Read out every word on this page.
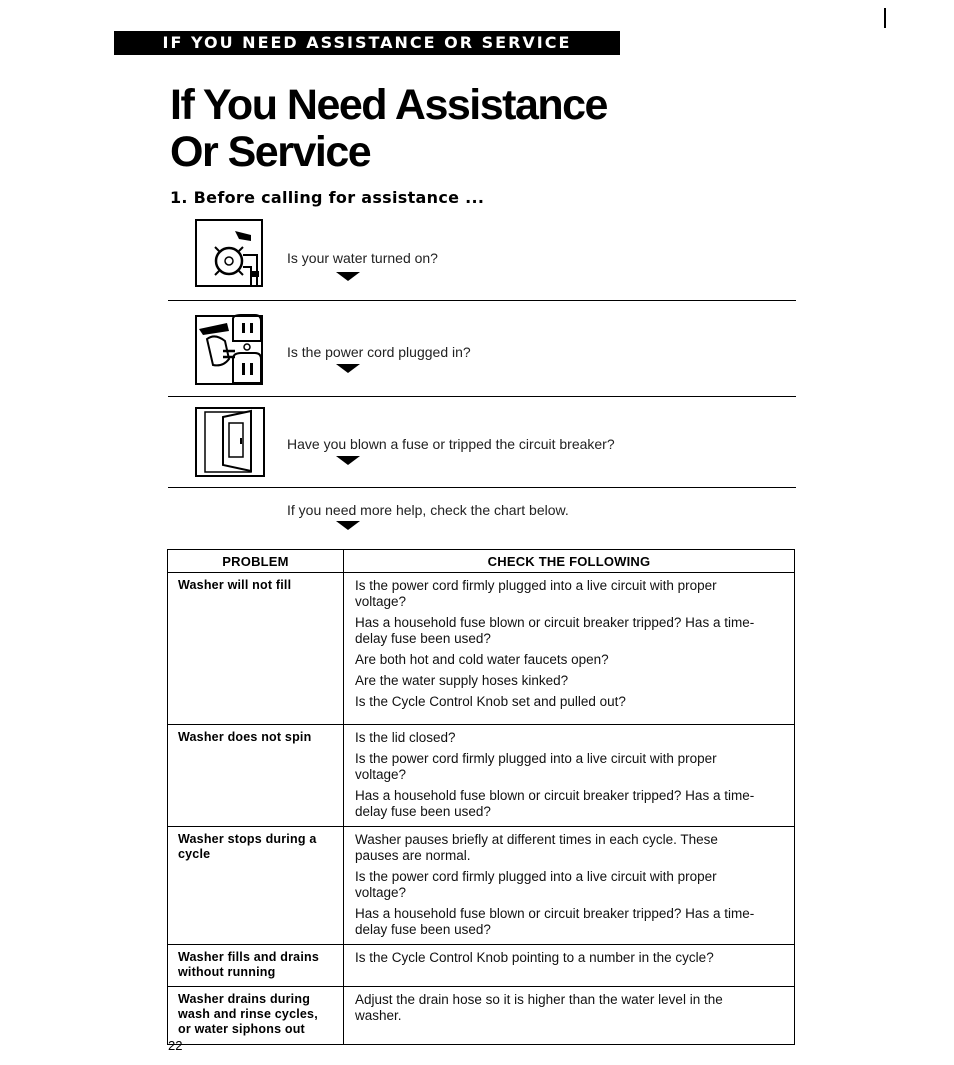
IF YOU NEED ASSISTANCE OR SERVICE
If You Need Assistance
Or Service
1. Before calling for assistance ...
Is your water turned on?
Is the power cord plugged in?
Have you blown a fuse or tripped the circuit breaker?
If you need more help, check the chart below.
PROBLEM	CHECK THE FOLLOWING
Washer will not fill	Is the power cord firmly plugged into a live circuit with proper voltage?
Has a household fuse blown or circuit breaker tripped? Has a time-delay fuse been used?
Are both hot and cold water faucets open?
Are the water supply hoses kinked?
Is the Cycle Control Knob set and pulled out?

Washer does not spin	Is the lid closed?
Is the power cord firmly plugged into a live circuit with proper voltage?
Has a household fuse blown or circuit breaker tripped? Has a time-delay fuse been used?

Washer stops during a cycle	Washer pauses briefly at different times in each cycle. These pauses are normal.
Is the power cord firmly plugged into a live circuit with proper voltage?
Has a household fuse blown or circuit breaker tripped? Has a time-delay fuse been used?

Washer fills and drains without running	Is the Cycle Control Knob pointing to a number in the cycle?

Washer drains during wash and rinse cycles, or water siphons out	Adjust the drain hose so it is higher than the water level in the washer.
22
